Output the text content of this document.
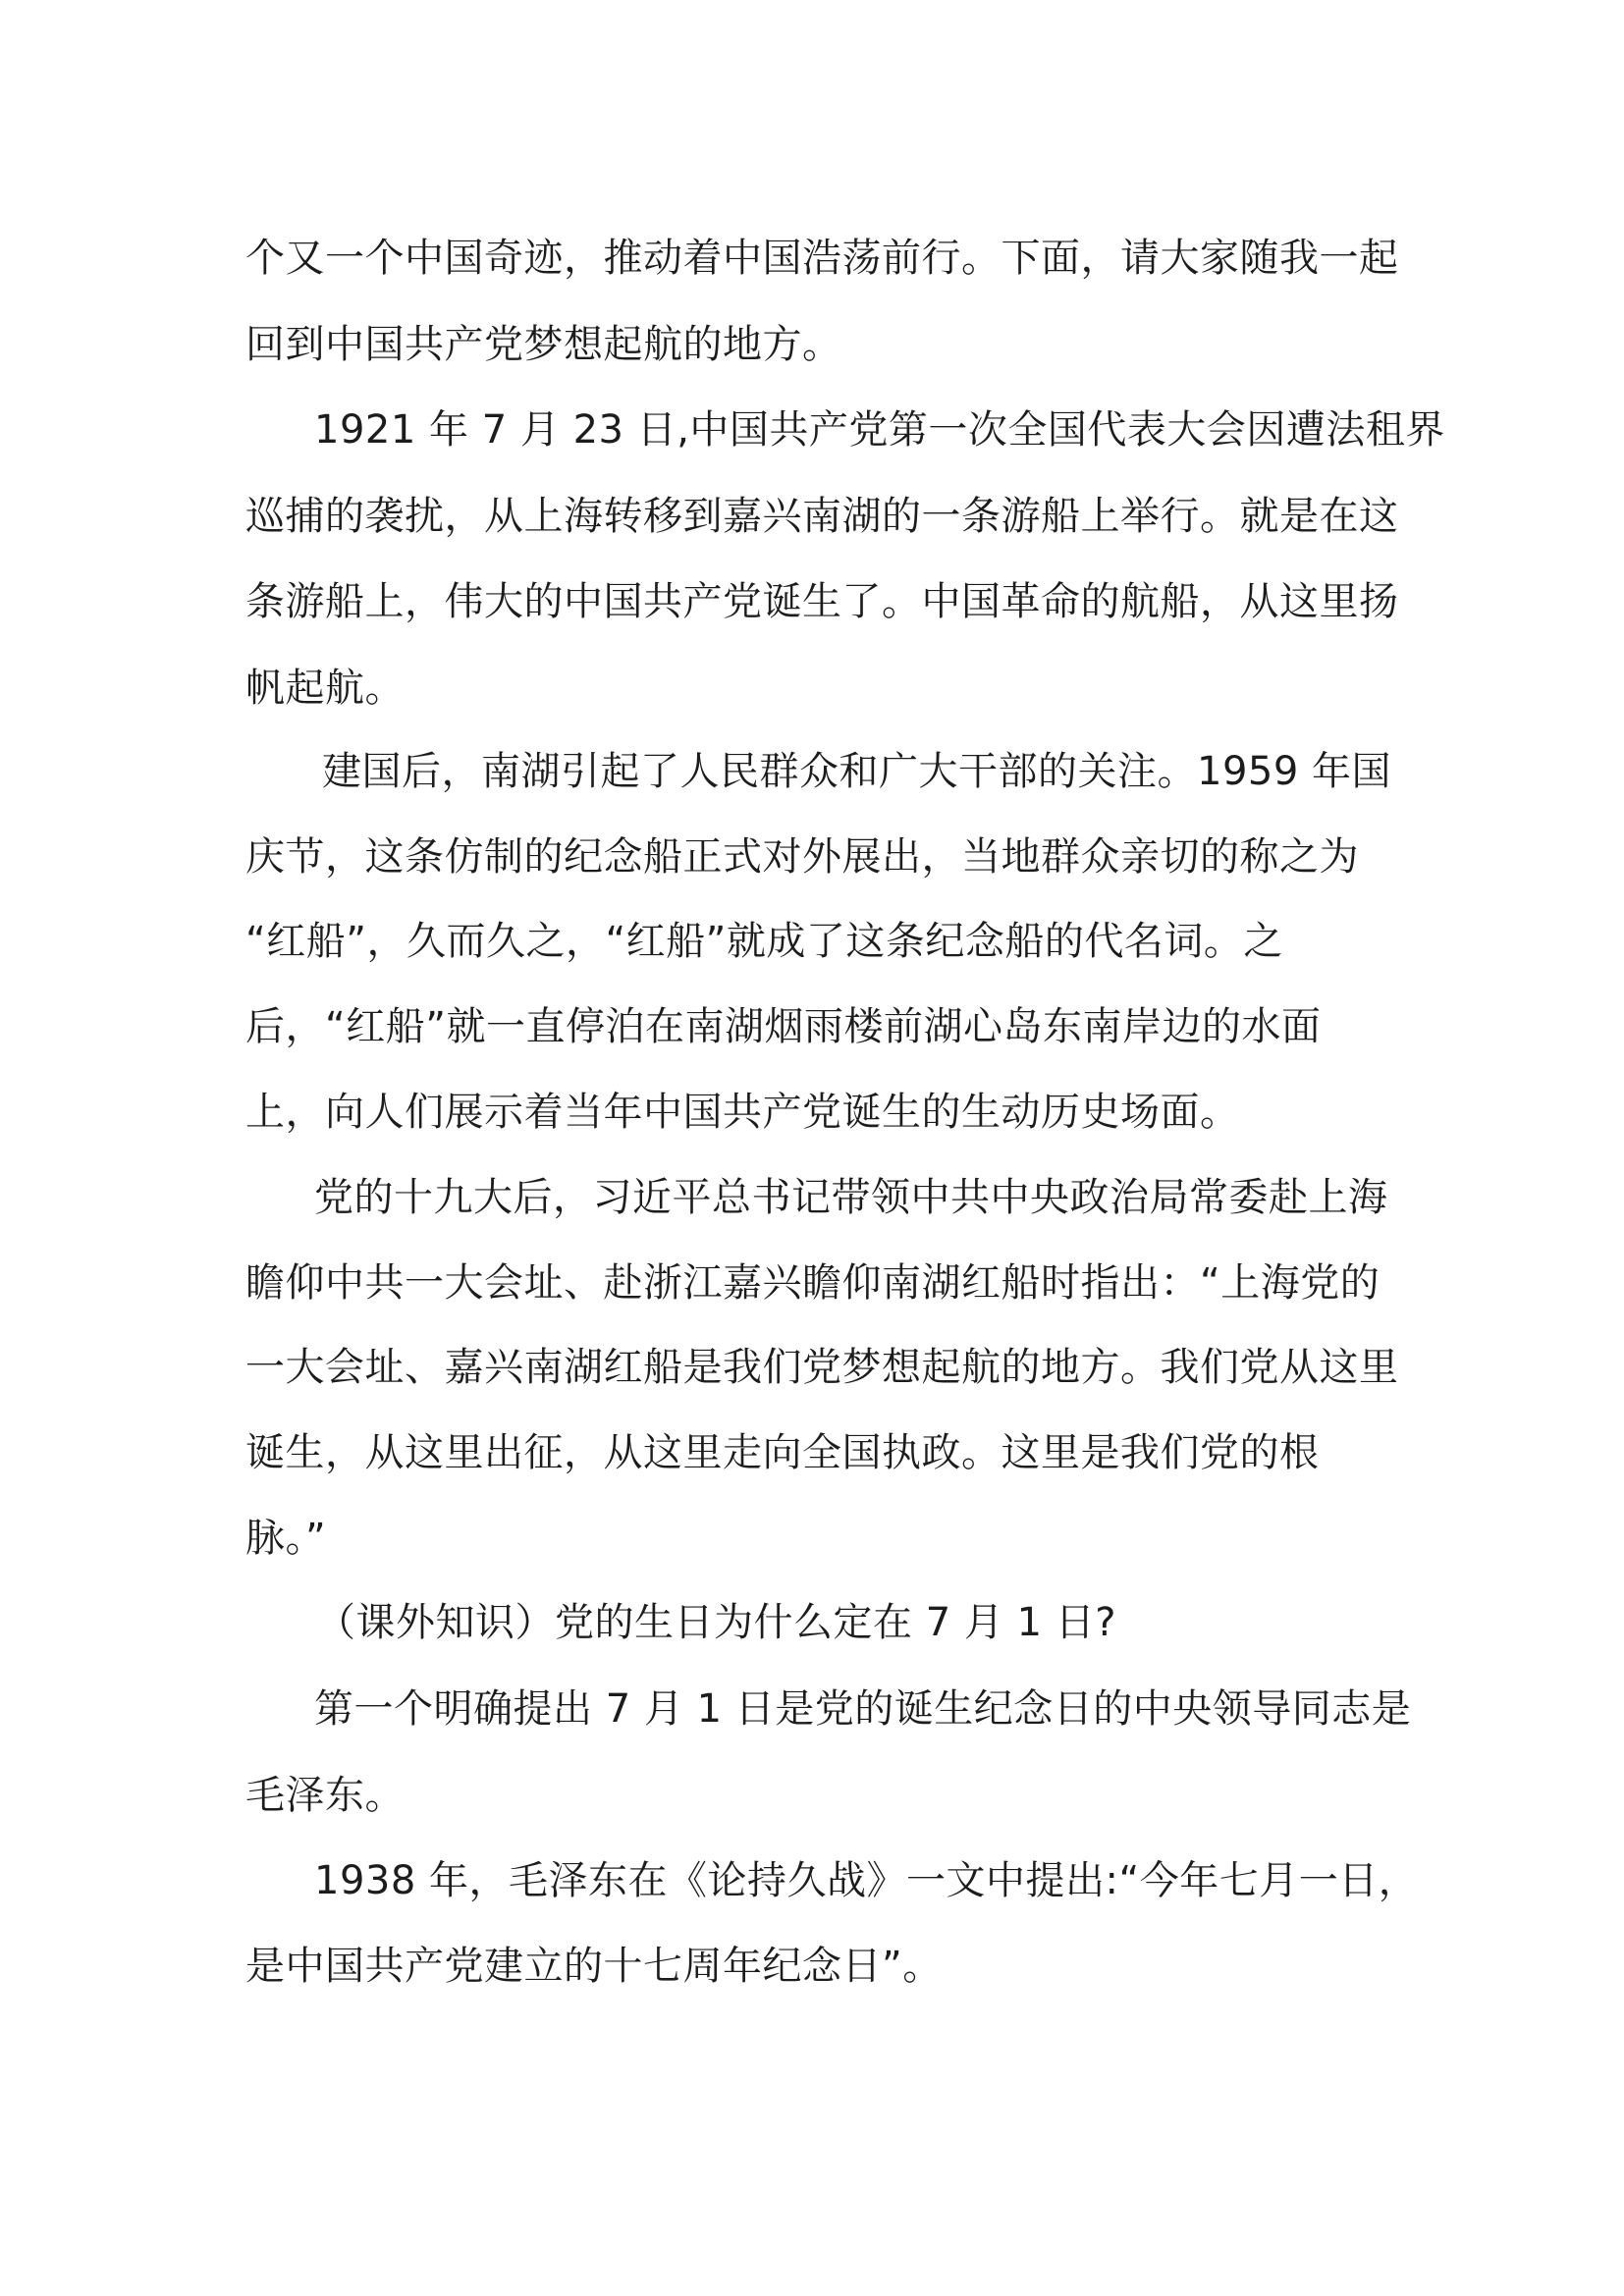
个又一个中国奇迹，推动着中国浩荡前行。下面，请大家随我一起

回到中国共产党梦想起航的地方。

1921 年 7 月 23 日,中国共产党第一次全国代表大会因遭法租界

巡捕的袭扰，从上海转移到嘉兴南湖的一条游船上举行。就是在这

条游船上，伟大的中国共产党诞生了。中国革命的航船，从这里扬

帆起航。

建国后，南湖引起了人民群众和广大干部的关注。1959 年国

庆节，这条仿制的纪念船正式对外展出，当地群众亲切的称之为

“红船”，久而久之，“红船”就成了这条纪念船的代名词。之

后，“红船”就一直停泊在南湖烟雨楼前湖心岛东南岸边的水面

上，向人们展示着当年中国共产党诞生的生动历史场面。

党的十九大后，习近平总书记带领中共中央政治局常委赴上海

瞻仰中共一大会址、赴浙江嘉兴瞻仰南湖红船时指出：“上海党的

一大会址、嘉兴南湖红船是我们党梦想起航的地方。我们党从这里

诞生，从这里出征，从这里走向全国执政。这里是我们党的根

脉。”

（课外知识）党的生日为什么定在 7 月 1 日?

第一个明确提出 7 月 1 日是党的诞生纪念日的中央领导同志是

毛泽东。

1938 年，毛泽东在《论持久战》一文中提出:“今年七月一日，

是中国共产党建立的十七周年纪念日”。
